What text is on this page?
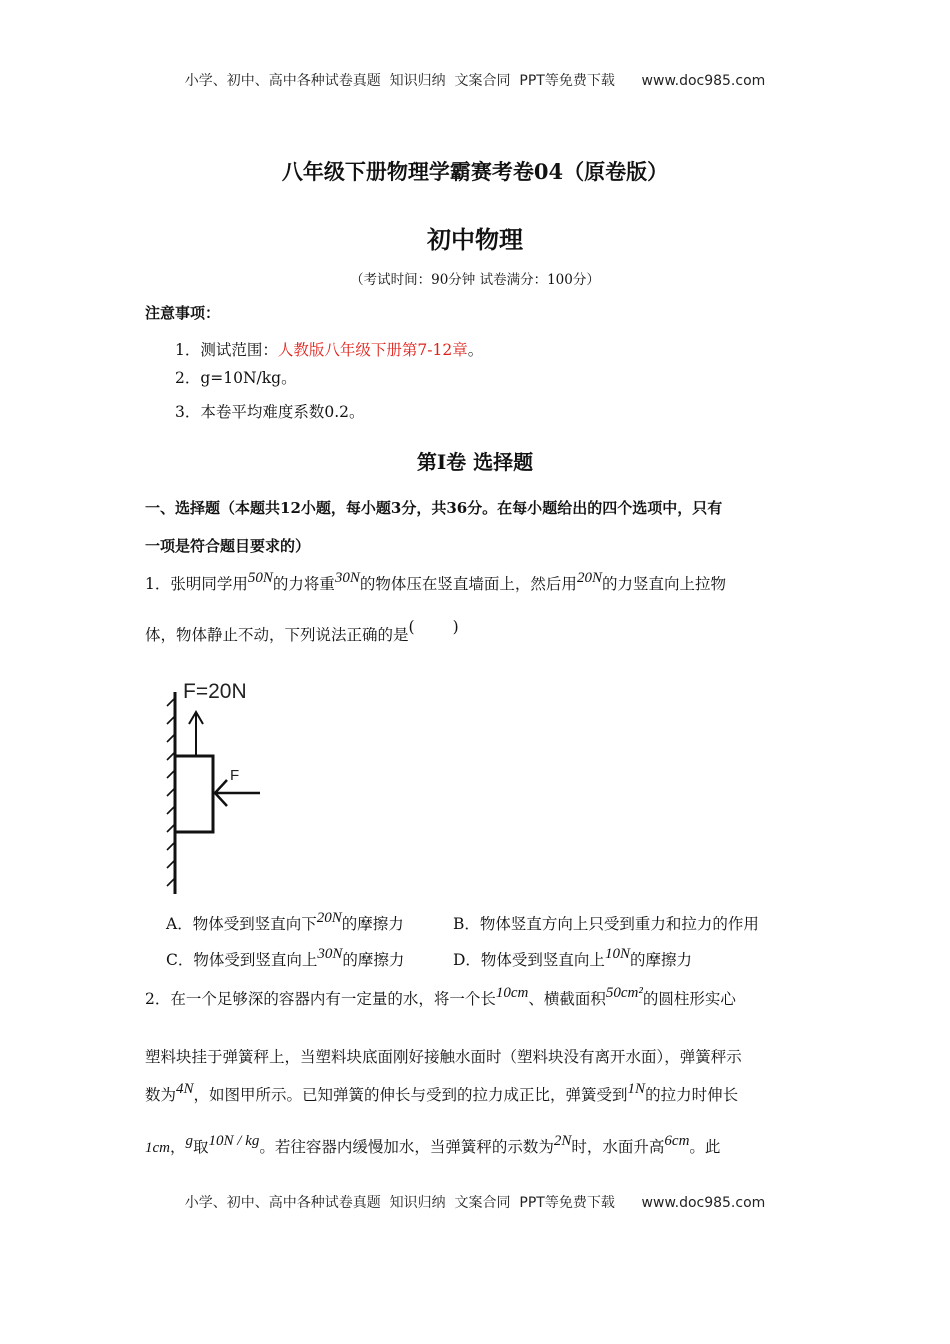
小学、初中、高中各种试卷真题  知识归纳  文案合同  PPT等免费下载 www.doc985.com
八年级下册物理学霸赛考卷04（原卷版）
初中物理
（考试时间：90分钟 试卷满分：100分）
注意事项：
1．测试范围：人教版八年级下册第7-12章。
2．g=10N/kg。
3．本卷平均难度系数0.2。
第Ⅰ卷 选择题
一、选择题（本题共12小题，每小题3分，共36分。在每小题给出的四个选项中，只有
一项是符合题目要求的）
1．张明同学用50N的力将重30N的物体压在竖直墙面上，然后用20N的力竖直向上拉物
体，物体静止不动，下列说法正确的是( )
F=20N
F
A．物体受到竖直向下20N的摩擦力	B．物体竖直方向上只受到重力和拉力的作用
C．物体受到竖直向上30N的摩擦力	D．物体受到竖直向上10N的摩擦力
2．在一个足够深的容器内有一定量的水，将一个长10cm、横截面积50cm²的圆柱形实心
塑料块挂于弹簧秤上，当塑料块底面刚好接触水面时（塑料块没有离开水面），弹簧秤示
数为4N，如图甲所示。已知弹簧的伸长与受到的拉力成正比，弹簧受到1N的拉力时伸长
1cm，g取10N / kg。若往容器内缓慢加水，当弹簧秤的示数为2N时，水面升高6cm。此
小学、初中、高中各种试卷真题  知识归纳  文案合同  PPT等免费下载 www.doc985.com
